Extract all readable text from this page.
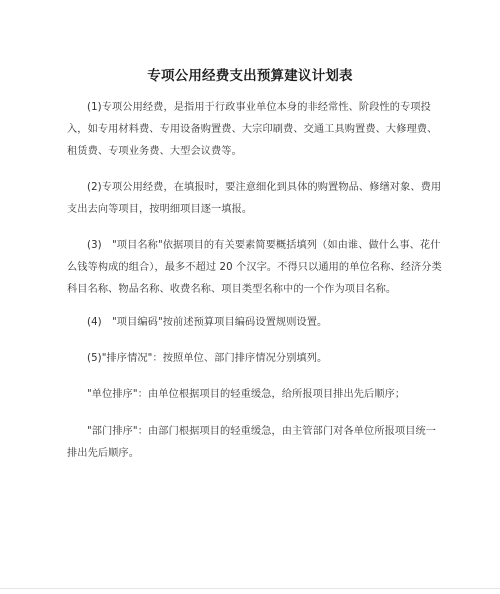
专项公用经费支出预算建议计划表

(1)专项公用经费，是指用于行政事业单位本身的非经常性、阶段性的专项投入，如专用材料费、专用设备购置费、大宗印刷费、交通工具购置费、大修理费、租赁费、专项业务费、大型会议费等。

(2)专项公用经费，在填报时，要注意细化到具体的购置物品、修缮对象、费用支出去向等项目，按明细项目逐一填报。

(3)　"项目名称"依据项目的有关要素简要概括填列（如由谁、做什么事、花什么钱等构成的组合），最多不超过 20 个汉字。不得只以通用的单位名称、经济分类科目名称、物品名称、收费名称、项目类型名称中的一个作为项目名称。

(4)　"项目编码"按前述预算项目编码设置规则设置。

(5)"排序情况"：按照单位、部门排序情况分别填列。

"单位排序"：由单位根据项目的轻重缓急，给所报项目排出先后顺序；

"部门排序"：由部门根据项目的轻重缓急，由主管部门对各单位所报项目统一排出先后顺序。
